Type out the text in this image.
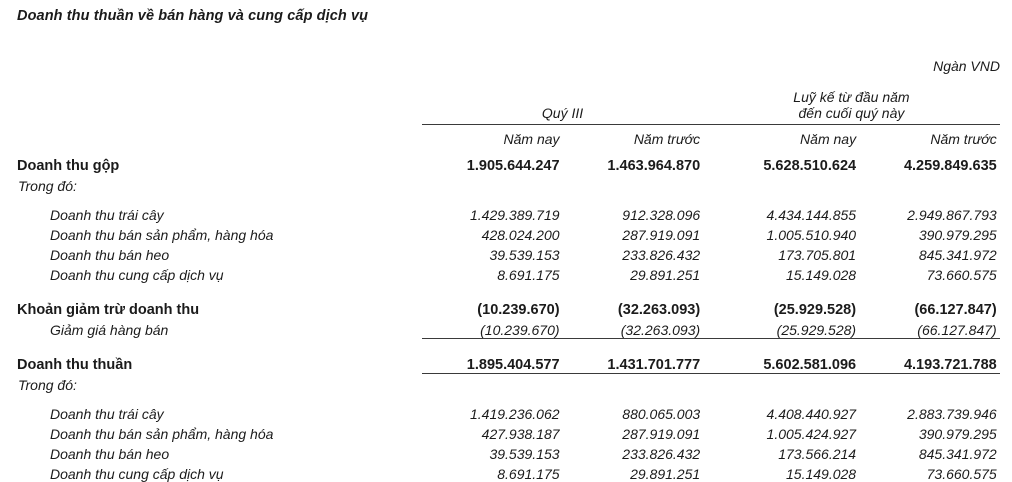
Doanh thu thuần về bán hàng và cung cấp dịch vụ
Ngàn VND

	Quý III		Luỹ kế từ đầu năm
đến cuối quý này		
	Năm nay	Năm trước	Năm nay	Năm trước	
Doanh thu gộp	1.905.644.247	1.463.964.870	5.628.510.624	4.259.849.635	
Trong đó:					

Doanh thu trái cây	1.429.389.719	912.328.096	4.434.144.855	2.949.867.793	
Doanh thu bán sản phẩm, hàng hóa	428.024.200	287.919.091	1.005.510.940	390.979.295	
Doanh thu bán heo	39.539.153	233.826.432	173.705.801	845.341.972	
Doanh thu cung cấp dịch vụ	8.691.175	29.891.251	15.149.028	73.660.575	

Khoản giảm trừ doanh thu	(10.239.670)	(32.263.093)	(25.929.528)	(66.127.847)	
Giảm giá hàng bán	(10.239.670)	(32.263.093)	(25.929.528)	(66.127.847)	

Doanh thu thuần	1.895.404.577	1.431.701.777	5.602.581.096	4.193.721.788	
Trong đó:					

Doanh thu trái cây	1.419.236.062	880.065.003	4.408.440.927	2.883.739.946	
Doanh thu bán sản phẩm, hàng hóa	427.938.187	287.919.091	1.005.424.927	390.979.295	
Doanh thu bán heo	39.539.153	233.826.432	173.566.214	845.341.972	
Doanh thu cung cấp dịch vụ	8.691.175	29.891.251	15.149.028	73.660.575	
